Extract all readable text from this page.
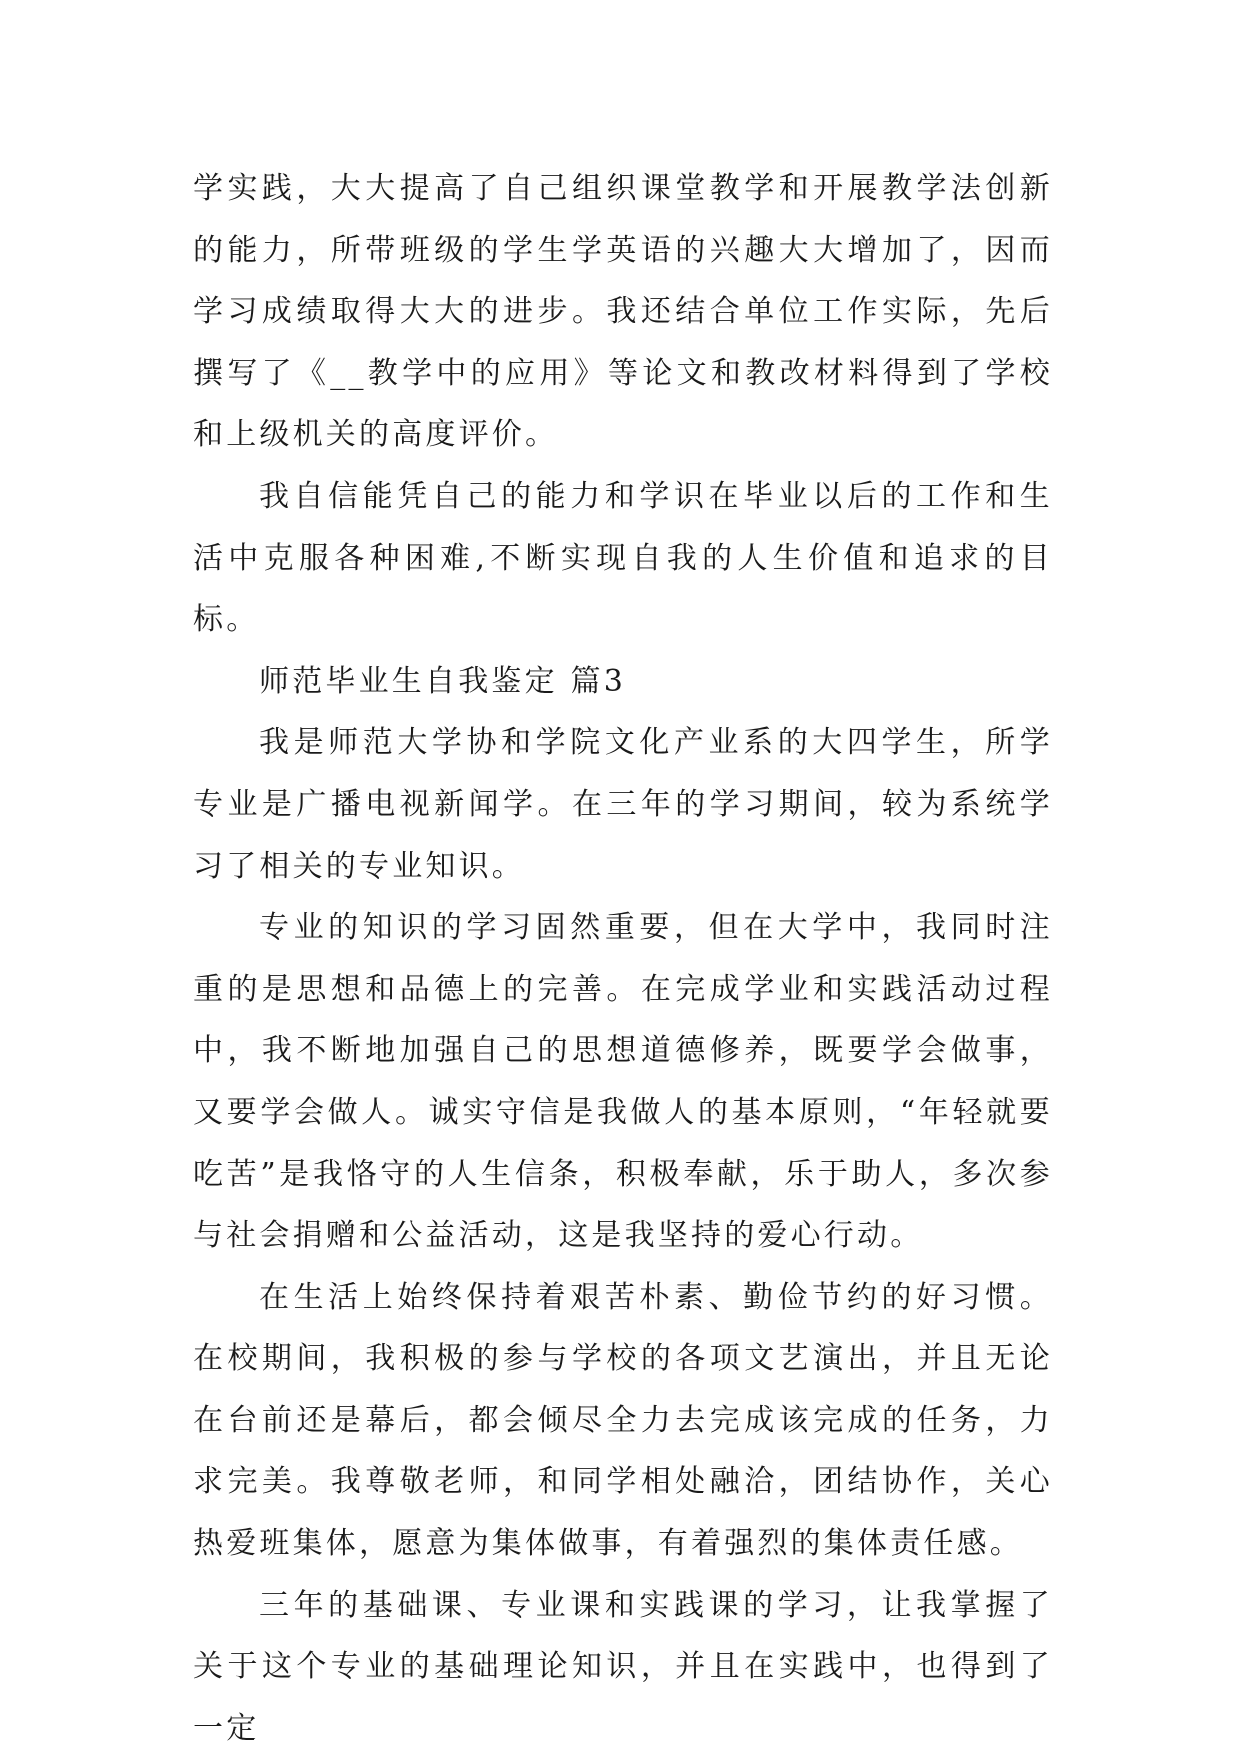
学实践，大大提高了自己组织课堂教学和开展教学法创新的能力，所带班级的学生学英语的兴趣大大增加了，因而学习成绩取得大大的进步。我还结合单位工作实际，先后撰写了《__教学中的应用》等论文和教改材料得到了学校和上级机关的高度评价。

我自信能凭自己的能力和学识在毕业以后的工作和生活中克服各种困难,不断实现自我的人生价值和追求的目标。

师范毕业生自我鉴定 篇3

我是师范大学协和学院文化产业系的大四学生，所学专业是广播电视新闻学。在三年的学习期间，较为系统学习了相关的专业知识。

专业的知识的学习固然重要，但在大学中，我同时注重的是思想和品德上的完善。在完成学业和实践活动过程中，我不断地加强自己的思想道德修养，既要学会做事，又要学会做人。诚实守信是我做人的基本原则，“年轻就要吃苦”是我恪守的人生信条，积极奉献，乐于助人，多次参与社会捐赠和公益活动，这是我坚持的爱心行动。

在生活上始终保持着艰苦朴素、勤俭节约的好习惯。在校期间，我积极的参与学校的各项文艺演出，并且无论在台前还是幕后，都会倾尽全力去完成该完成的任务，力求完美。我尊敬老师，和同学相处融洽，团结协作，关心热爱班集体，愿意为集体做事，有着强烈的集体责任感。

三年的基础课、专业课和实践课的学习，让我掌握了关于这个专业的基础理论知识，并且在实践中，也得到了一定
